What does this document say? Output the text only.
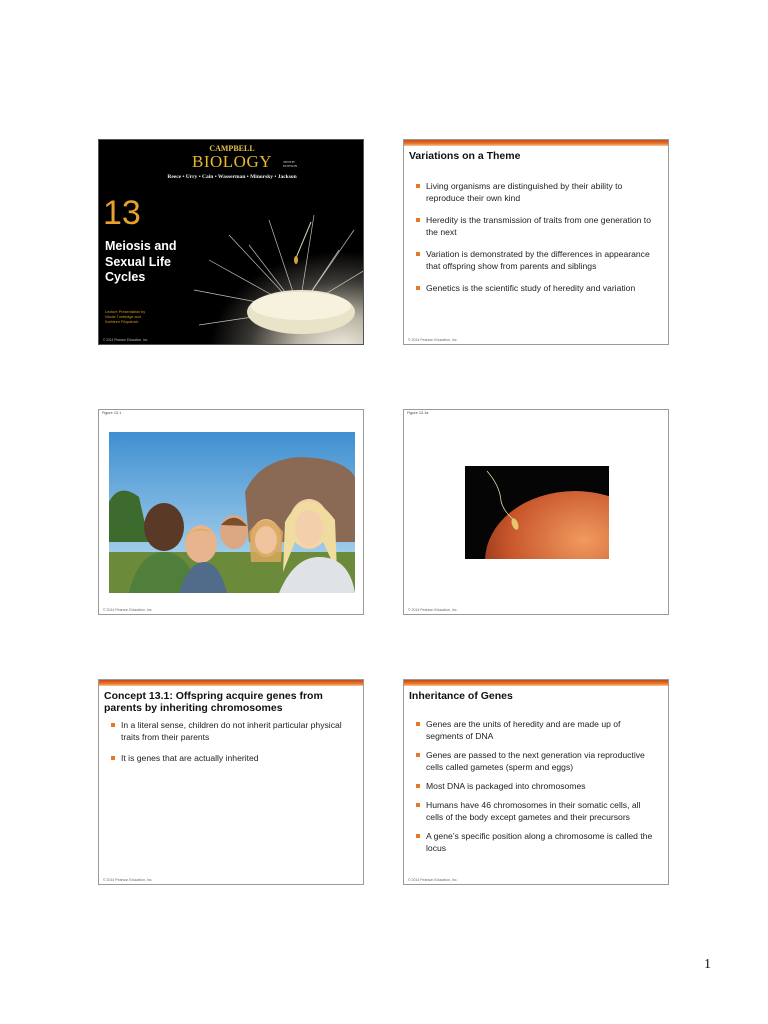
CAMPBELL
BIOLOGY	TENTH EDITION
Reece • Urry • Cain • Wasserman • Minorsky • Jackson
13
Meiosis and
Sexual Life
Cycles
Lecture Presentation by
Nicole Tunbridge and
Kathleen Fitzpatrick
© 2014 Pearson Education, Inc.
Variations on a Theme
Living organisms are distinguished by their ability to reproduce their own kind
Heredity is the transmission of traits from one generation to the next
Variation is demonstrated by the differences in appearance that offspring show from parents and siblings
Genetics is the scientific study of heredity and variation
© 2014 Pearson Education, Inc.
Figure 13.1
© 2014 Pearson Education, Inc.
Figure 13.1a
© 2014 Pearson Education, Inc.
Concept 13.1: Offspring acquire genes from parents by inheriting chromosomes
In a literal sense, children do not inherit particular physical traits from their parents
It is genes that are actually inherited
© 2014 Pearson Education, Inc.
Inheritance of Genes
Genes are the units of heredity and are made up of segments of DNA
Genes are passed to the next generation via reproductive cells called gametes (sperm and eggs)
Most DNA is packaged into chromosomes
Humans have 46 chromosomes in their somatic cells, all cells of the body except gametes and their precursors
A gene’s specific position along a chromosome is called the locus
© 2014 Pearson Education, Inc.
1
